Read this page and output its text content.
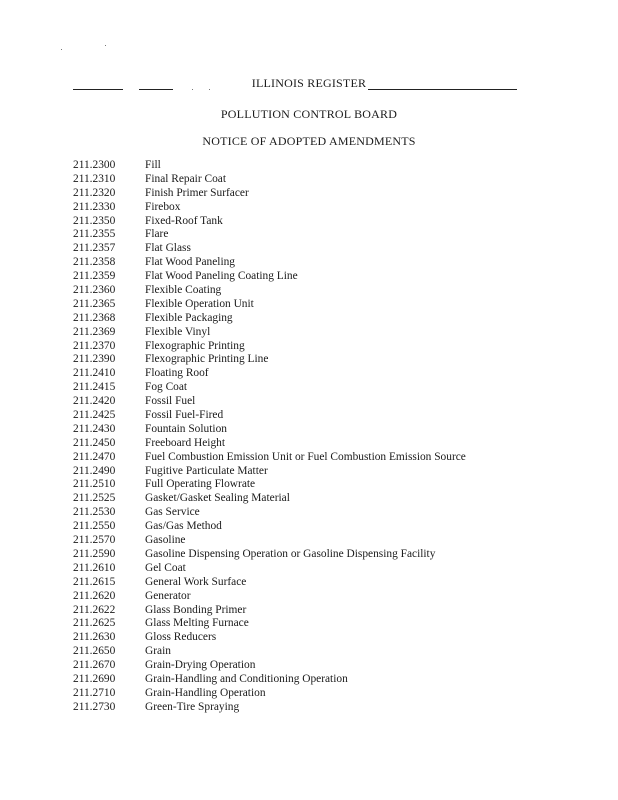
ILLINOIS REGISTER
POLLUTION CONTROL BOARD
NOTICE OF ADOPTED AMENDMENTS
211.2300	Fill
211.2310	Final Repair Coat
211.2320	Finish Primer Surfacer
211.2330	Firebox
211.2350	Fixed-Roof Tank
211.2355	Flare
211.2357	Flat Glass
211.2358	Flat Wood Paneling
211.2359	Flat Wood Paneling Coating Line
211.2360	Flexible Coating
211.2365	Flexible Operation Unit
211.2368	Flexible Packaging
211.2369	Flexible Vinyl
211.2370	Flexographic Printing
211.2390	Flexographic Printing Line
211.2410	Floating Roof
211.2415	Fog Coat
211.2420	Fossil Fuel
211.2425	Fossil Fuel-Fired
211.2430	Fountain Solution
211.2450	Freeboard Height
211.2470	Fuel Combustion Emission Unit or Fuel Combustion Emission Source
211.2490	Fugitive Particulate Matter
211.2510	Full Operating Flowrate
211.2525	Gasket/Gasket Sealing Material
211.2530	Gas Service
211.2550	Gas/Gas Method
211.2570	Gasoline
211.2590	Gasoline Dispensing Operation or Gasoline Dispensing Facility
211.2610	Gel Coat
211.2615	General Work Surface
211.2620	Generator
211.2622	Glass Bonding Primer
211.2625	Glass Melting Furnace
211.2630	Gloss Reducers
211.2650	Grain
211.2670	Grain-Drying Operation
211.2690	Grain-Handling and Conditioning Operation
211.2710	Grain-Handling Operation
211.2730	Green-Tire Spraying
